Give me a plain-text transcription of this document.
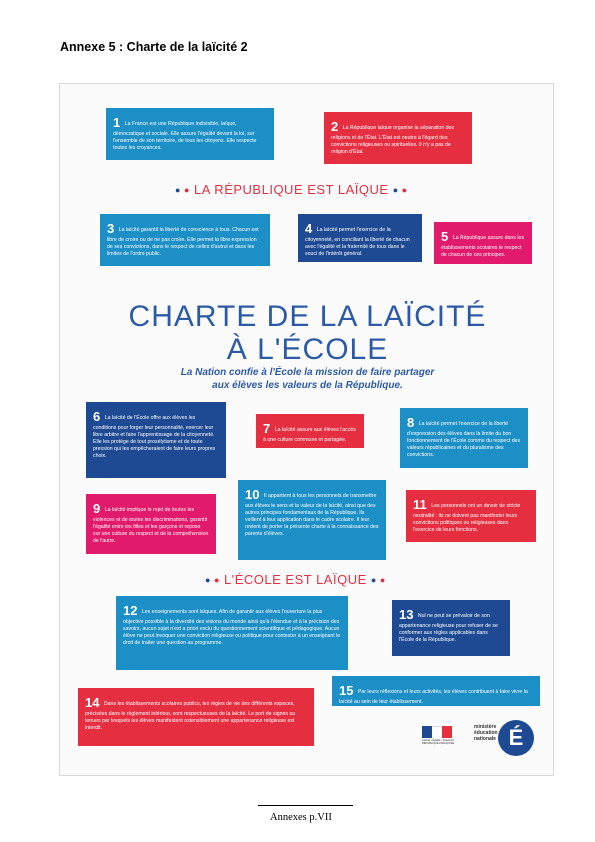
Annexe 5 : Charte de la laïcité 2
1 La France est une République indivisible, laïque, démocratique et sociale. Elle assure l'égalité devant la loi, sur l'ensemble de son territoire, de tous les citoyens. Elle respecte toutes les croyances.
2 La République laïque organise la séparation des religions et de l'État. L'État est neutre à l'égard des convictions religieuses ou spirituelles. Il n'y a pas de religion d'État.
● ● LA RÉPUBLIQUE EST LAÏQUE ● ●
3 La laïcité garantit la liberté de conscience à tous. Chacun est libre de croire ou de ne pas croire. Elle permet la libre expression de ses convictions, dans le respect de celles d'autrui et dans les limites de l'ordre public.
4 La laïcité permet l'exercice de la citoyenneté, en conciliant la liberté de chacun avec l'égalité et la fraternité de tous dans le souci de l'intérêt général.
5 La République assure dans les établissements scolaires le respect de chacun de ces principes.
CHARTE DE LA LAÏCITÉ
À L'ÉCOLE
La Nation confie à l'École la mission de faire partager
aux élèves les valeurs de la République.
6 La laïcité de l'École offre aux élèves les conditions pour forger leur personnalité, exercer leur libre arbitre et faire l'apprentissage de la citoyenneté. Elle les protège de tout prosélytisme et de toute pression qui les empêcheraient de faire leurs propres choix.
7 La laïcité assure aux élèves l'accès à une culture commune et partagée.
8 La laïcité permet l'exercice de la liberté d'expression des élèves dans la limite du bon fonctionnement de l'École comme du respect des valeurs républicaines et du pluralisme des convictions.
9 La laïcité implique le rejet de toutes les violences et de toutes les discriminations, garantit l'égalité entre les filles et les garçons et repose sur une culture du respect et de la compréhension de l'autre.
10 Il appartient à tous les personnels de transmettre aux élèves le sens et la valeur de la laïcité, ainsi que des autres principes fondamentaux de la République. Ils veillent à leur application dans le cadre scolaire. Il leur revient de porter la présente charte à la connaissance des parents d'élèves.
11 Les personnels ont un devoir de stricte neutralité : ils ne doivent pas manifester leurs convictions politiques ou religieuses dans l'exercice de leurs fonctions.
● ● L'ÉCOLE EST LAÏQUE ● ●
12 Les enseignements sont laïques. Afin de garantir aux élèves l'ouverture la plus objective possible à la diversité des visions du monde ainsi qu'à l'étendue et à la précision des savoirs, aucun sujet n'est a priori exclu du questionnement scientifique et pédagogique. Aucun élève ne peut invoquer une conviction religieuse ou politique pour contester à un enseignant le droit de traiter une question au programme.
13 Nul ne peut se prévaloir de son appartenance religieuse pour refuser de se conformer aux règles applicables dans l'École de la République.
14 Dans les établissements scolaires publics, les règles de vie des différents espaces, précisées dans le règlement intérieur, sont respectueuses de la laïcité. Le port de signes ou tenues par lesquels les élèves manifestent ostensiblement une appartenance religieuse est interdit.
15 Par leurs réflexions et leurs activités, les élèves contribuent à faire vivre la laïcité au sein de leur établissement.
Liberté • Égalité • Fraternité RÉPUBLIQUE FRANÇAISE
ministère
éducation
nationale É
Annexes p.VII
